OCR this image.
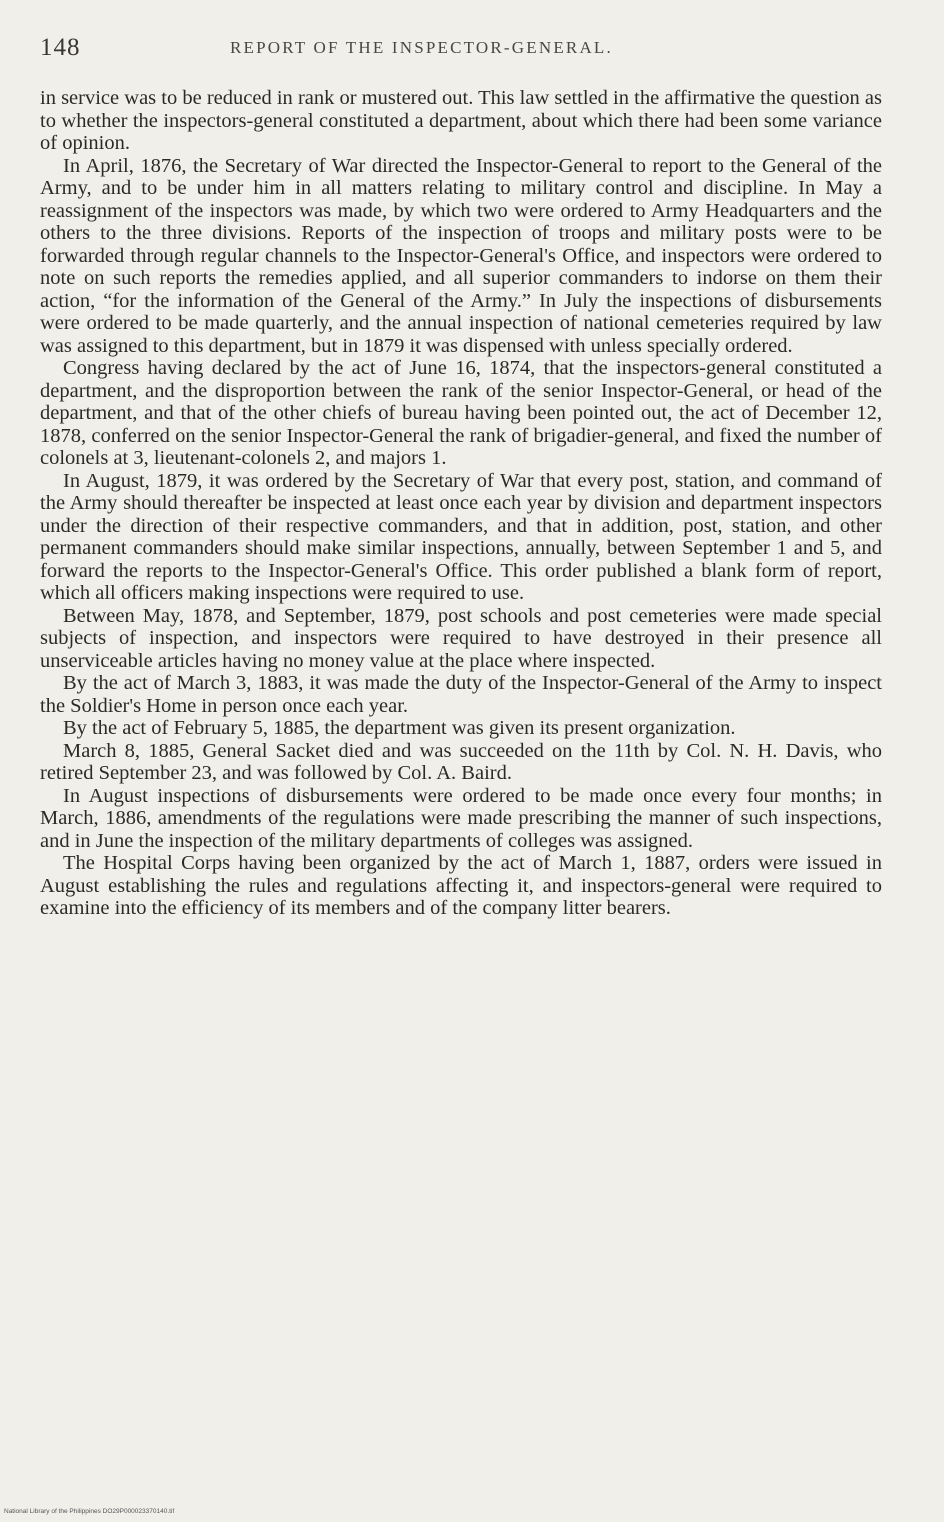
148	REPORT OF THE INSPECTOR-GENERAL.

in service was to be reduced in rank or mustered out. This law settled in the affirmative the question as to whether the inspectors-general constituted a department, about which there had been some variance of opinion.

In April, 1876, the Secretary of War directed the Inspector-General to report to the General of the Army, and to be under him in all matters relating to military control and discipline. In May a reassignment of the inspectors was made, by which two were ordered to Army Headquarters and the others to the three divisions. Reports of the inspection of troops and military posts were to be forwarded through regular channels to the Inspector-General's Office, and inspectors were ordered to note on such reports the remedies applied, and all superior commanders to indorse on them their action, “for the information of the General of the Army.” In July the inspections of disbursements were ordered to be made quarterly, and the annual inspection of national cemeteries required by law was assigned to this department, but in 1879 it was dispensed with unless specially ordered.

Congress having declared by the act of June 16, 1874, that the inspectors-general constituted a department, and the disproportion between the rank of the senior Inspector-General, or head of the department, and that of the other chiefs of bureau having been pointed out, the act of December 12, 1878, conferred on the senior Inspector-General the rank of brigadier-general, and fixed the number of colonels at 3, lieutenant-colonels 2, and majors 1.

In August, 1879, it was ordered by the Secretary of War that every post, station, and command of the Army should thereafter be inspected at least once each year by division and department inspectors under the direction of their respective commanders, and that in addition, post, station, and other permanent commanders should make similar inspections, annually, between September 1 and 5, and forward the reports to the Inspector-General's Office. This order published a blank form of report, which all officers making inspections were required to use.

Between May, 1878, and September, 1879, post schools and post cemeteries were made special subjects of inspection, and inspectors were required to have destroyed in their presence all unserviceable articles having no money value at the place where inspected.

By the act of March 3, 1883, it was made the duty of the Inspector-General of the Army to inspect the Soldier's Home in person once each year.

By the act of February 5, 1885, the department was given its present organization.

March 8, 1885, General Sacket died and was succeeded on the 11th by Col. N. H. Davis, who retired September 23, and was followed by Col. A. Baird.

In August inspections of disbursements were ordered to be made once every four months; in March, 1886, amendments of the regulations were made prescribing the manner of such inspections, and in June the inspection of the military departments of colleges was assigned.

The Hospital Corps having been organized by the act of March 1, 1887, orders were issued in August establishing the rules and regulations affecting it, and inspectors-general were required to examine into the efficiency of its members and of the company litter bearers.

National Library of the Philippines DO29P000023370140.tif
